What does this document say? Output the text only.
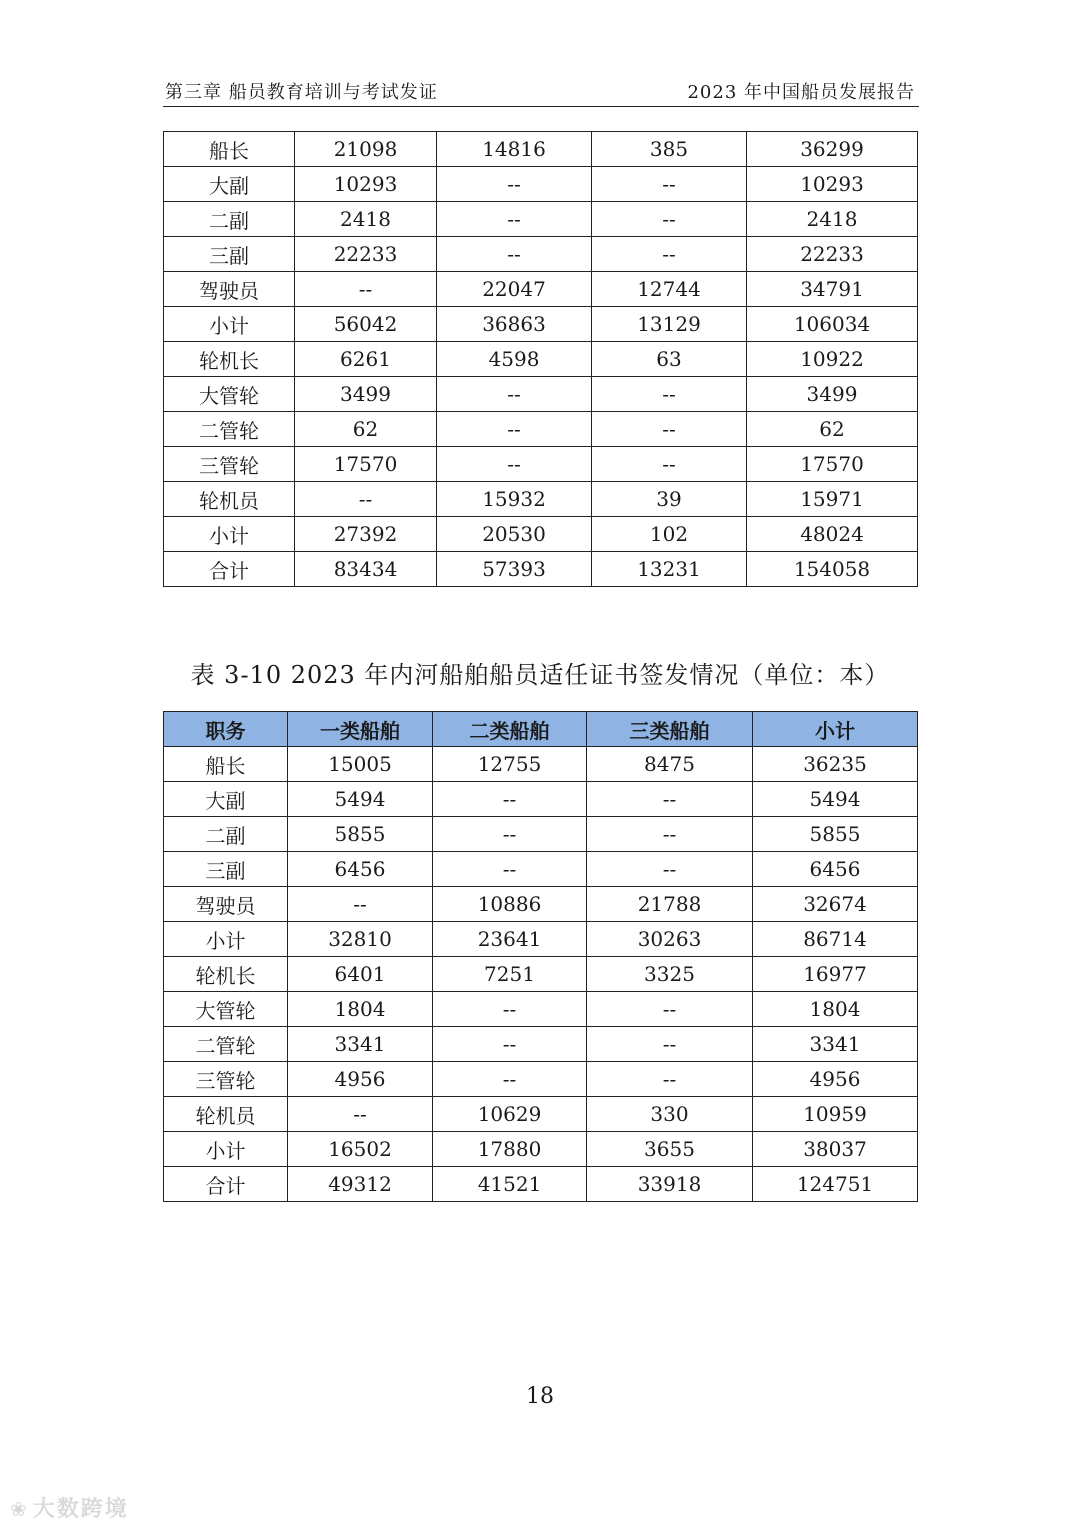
第三章 船员教育培训与考试发证	2023 年中国船员发展报告
船长	21098	14816	385	36299
大副	10293	--	--	10293
二副	2418	--	--	2418
三副	22233	--	--	22233
驾驶员	--	22047	12744	34791
小计	56042	36863	13129	106034
轮机长	6261	4598	63	10922
大管轮	3499	--	--	3499
二管轮	62	--	--	62
三管轮	17570	--	--	17570
轮机员	--	15932	39	15971
小计	27392	20530	102	48024
合计	83434	57393	13231	154058
表 3-10 2023 年内河船舶船员适任证书签发情况（单位：本）
职务	一类船舶	二类船舶	三类船舶	小计
船长	15005	12755	8475	36235
大副	5494	--	--	5494
二副	5855	--	--	5855
三副	6456	--	--	6456
驾驶员	--	10886	21788	32674
小计	32810	23641	30263	86714
轮机长	6401	7251	3325	16977
大管轮	1804	--	--	1804
二管轮	3341	--	--	3341
三管轮	4956	--	--	4956
轮机员	--	10629	330	10959
小计	16502	17880	3655	38037
合计	49312	41521	33918	124751
18
❀ 大数跨境
